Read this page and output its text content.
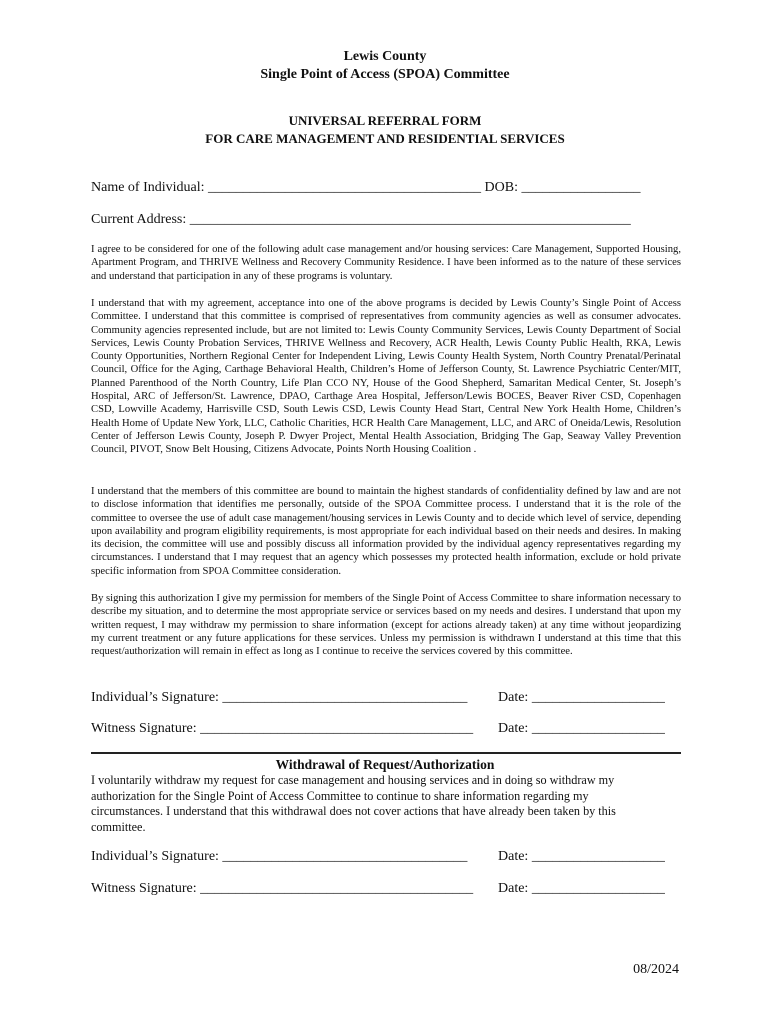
Lewis County
Single Point of Access (SPOA) Committee
UNIVERSAL REFERRAL FORM
FOR CARE MANAGEMENT AND RESIDENTIAL SERVICES
Name of Individual: _______________________________________ DOB: _________________
Current Address: _______________________________________________________________

I agree to be considered for one of the following adult case management and/or housing services: Care Management, Supported Housing, Apartment Program, and THRIVE Wellness and Recovery Community Residence. I have been informed as to the nature of these services and understand that participation in any of these programs is voluntary.

I understand that with my agreement, acceptance into one of the above programs is decided by Lewis County’s Single Point of Access Committee. I understand that this committee is comprised of representatives from community agencies as well as consumer advocates. Community agencies represented include, but are not limited to: Lewis County Community Services, Lewis County Department of Social Services, Lewis County Probation Services, THRIVE Wellness and Recovery, ACR Health, Lewis County Public Health, RKA, Lewis County Opportunities, Northern Regional Center for Independent Living, Lewis County Health System, North Country Prenatal/Perinatal Council, Office for the Aging, Carthage Behavioral Health, Children’s Home of Jefferson County, St. Lawrence Psychiatric Center/MIT, Planned Parenthood of the North Country, Life Plan CCO NY, House of the Good Shepherd, Samaritan Medical Center, St. Joseph’s Hospital, ARC of Jefferson/St. Lawrence, DPAO, Carthage Area Hospital, Jefferson/Lewis BOCES, Beaver River CSD, Copenhagen CSD, Lowville Academy, Harrisville CSD, South Lewis CSD, Lewis County Head Start, Central New York Health Home, Children’s Health Home of Update New York, LLC, Catholic Charities, HCR Health Care Management, LLC, and ARC of Oneida/Lewis, Resolution Center of Jefferson Lewis County, Joseph P. Dwyer Project, Mental Health Association, Bridging The Gap, Seaway Valley Prevention Council, PIVOT, Snow Belt Housing, Citizens Advocate, Points North Housing Coalition .

I understand that the members of this committee are bound to maintain the highest standards of confidentiality defined by law and are not to disclose information that identifies me personally, outside of the SPOA Committee process. I understand that it is the role of the committee to oversee the use of adult case management/housing services in Lewis County and to decide which level of service, depending upon availability and program eligibility requirements, is most appropriate for each individual based on their needs and desires. In making its decision, the committee will use and possibly discuss all information provided by the individual agency representatives regarding my circumstances. I understand that I may request that an agency which possesses my protected health information, exclude or hold private specific information from SPOA Committee consideration.

By signing this authorization I give my permission for members of the Single Point of Access Committee to share information necessary to describe my situation, and to determine the most appropriate service or services based on my needs and desires. I understand that upon my written request, I may withdraw my permission to share information (except for actions already taken) at any time without jeopardizing my current treatment or any future applications for these services. Unless my permission is withdrawn I understand at this time that this request/authorization will remain in effect as long as I continue to receive the services covered by this committee.

Individual’s Signature: ___________________________________ Date: ___________________
Witness Signature: _______________________________________ Date: ___________________
Withdrawal of Request/Authorization

I voluntarily withdraw my request for case management and housing services and in doing so withdraw my authorization for the Single Point of Access Committee to continue to share information regarding my circumstances. I understand that this withdrawal does not cover actions that have already been taken by this committee.

Individual’s Signature: ___________________________________ Date: ___________________
Witness Signature: _______________________________________ Date: ___________________
08/2024
